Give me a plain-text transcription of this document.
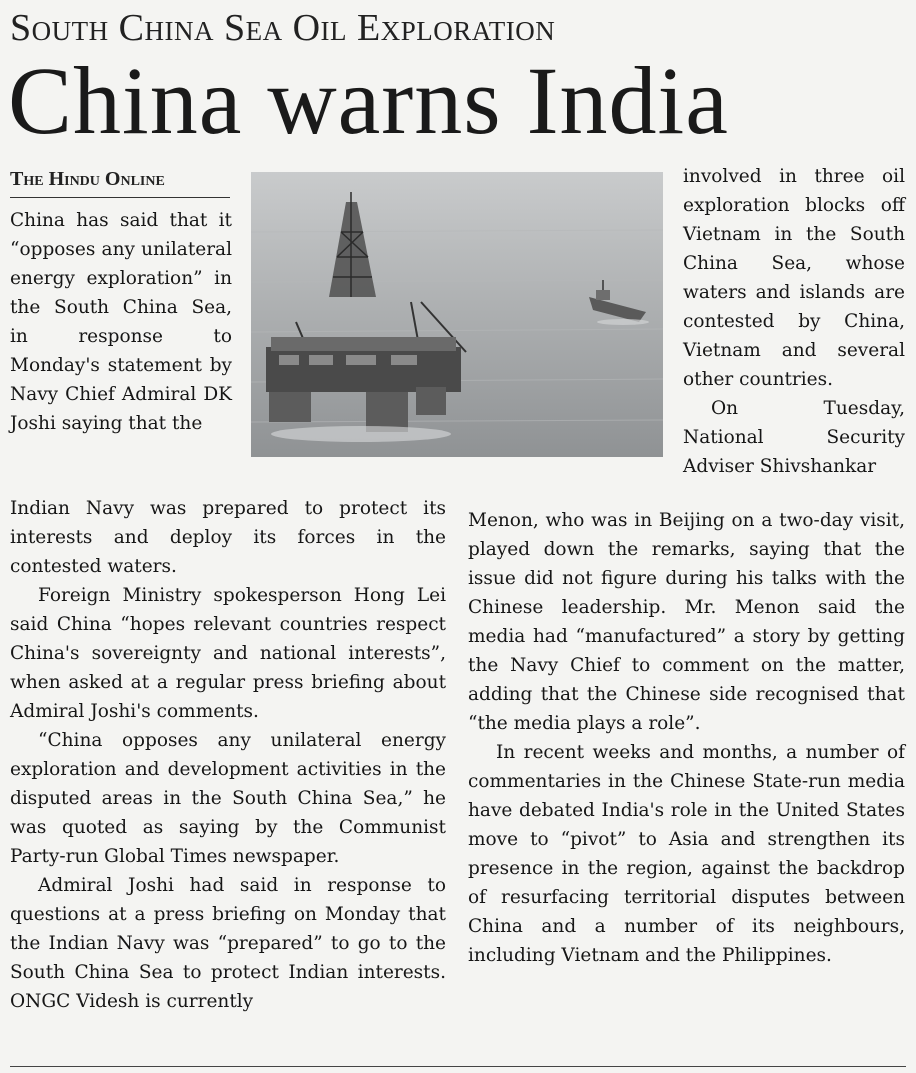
South China Sea Oil Exploration
China warns India
The Hindu Online

China has said that it “opposes any unilateral energy exploration” in the South China Sea, in response to Monday's statement by Navy Chief Admiral DK Joshi saying that the

Indian Navy was prepared to protect its interests and deploy its forces in the contested waters.

Foreign Ministry spokesperson Hong Lei said China “hopes relevant countries respect China's sovereignty and national interests”, when asked at a regular press briefing about Admiral Joshi's comments.

“China opposes any unilateral energy exploration and development activities in the disputed areas in the South China Sea,” he was quoted as saying by the Communist Party-run Global Times newspaper.

Admiral Joshi had said in response to questions at a press briefing on Monday that the Indian Navy was “prepared” to go to the South China Sea to protect Indian interests. ONGC Videsh is currently

involved in three oil exploration blocks off Vietnam in the South China Sea, whose waters and islands are contested by China, Vietnam and several other countries.

On Tuesday, National Security Adviser Shivshankar

Menon, who was in Beijing on a two-day visit, played down the remarks, saying that the issue did not figure during his talks with the Chinese leadership. Mr. Menon said the media had “manufactured” a story by getting the Navy Chief to comment on the matter, adding that the Chinese side recognised that “the media plays a role”.

In recent weeks and months, a number of commentaries in the Chinese State-run media have debated India's role in the United States move to “pivot” to Asia and strengthen its presence in the region, against the backdrop of resurfacing territorial disputes between China and a number of its neighbours, including Vietnam and the Philippines.
